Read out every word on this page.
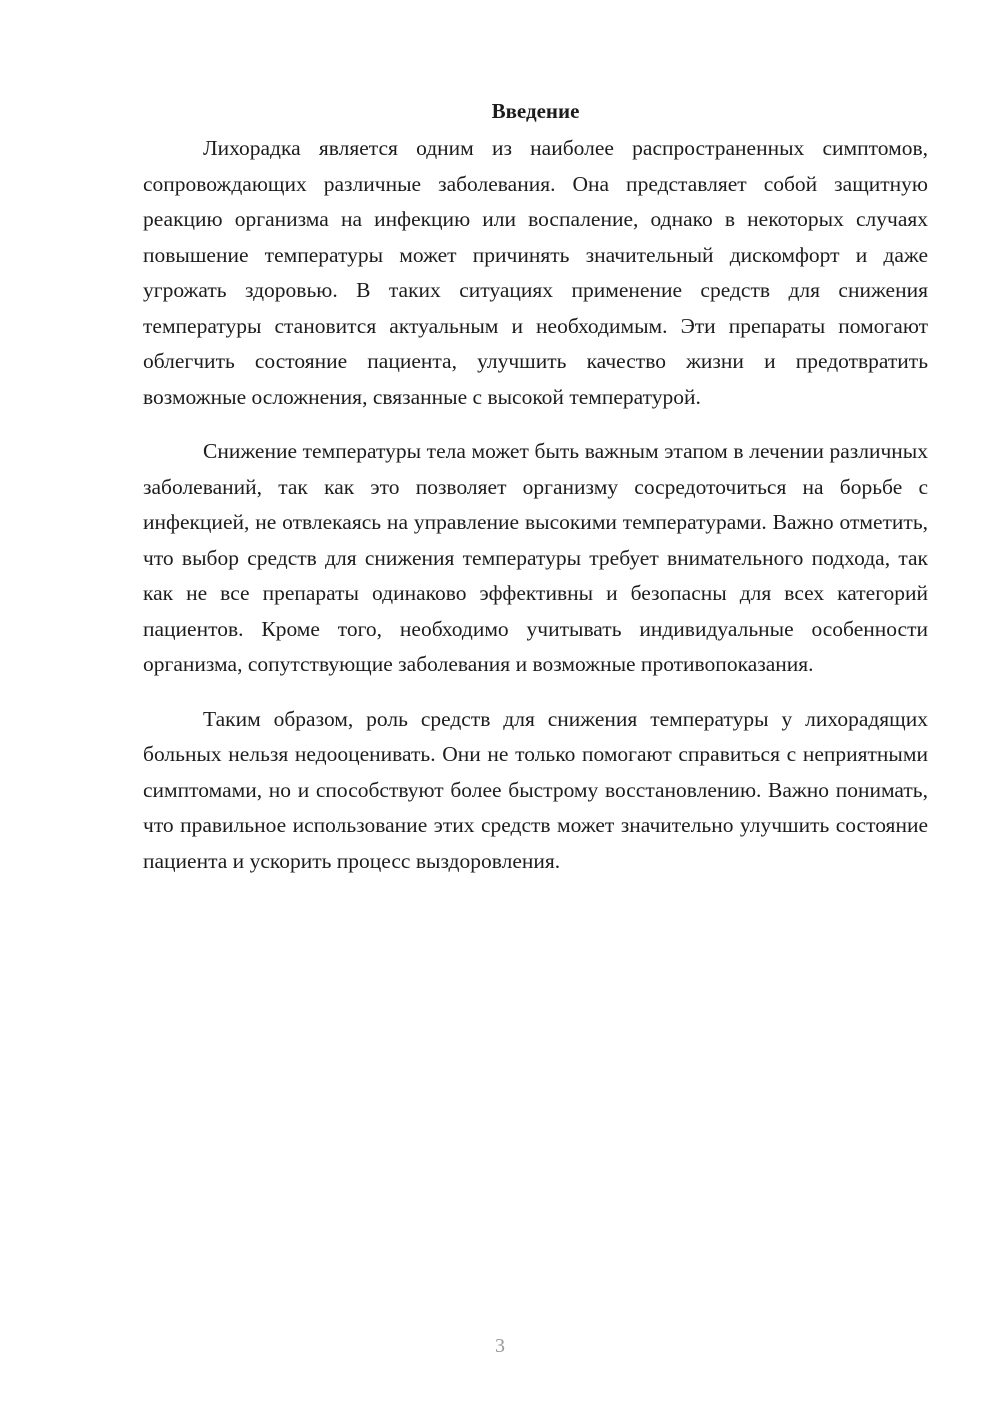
Введение

Лихорадка является одним из наиболее распространенных симптомов, сопровождающих различные заболевания. Она представляет собой защитную реакцию организма на инфекцию или воспаление, однако в некоторых случаях повышение температуры может причинять значительный дискомфорт и даже угрожать здоровью. В таких ситуациях применение средств для снижения температуры становится актуальным и необходимым. Эти препараты помогают облегчить состояние пациента, улучшить качество жизни и предотвратить возможные осложнения, связанные с высокой температурой.

Снижение температуры тела может быть важным этапом в лечении различных заболеваний, так как это позволяет организму сосредоточиться на борьбе с инфекцией, не отвлекаясь на управление высокими температурами. Важно отметить, что выбор средств для снижения температуры требует внимательного подхода, так как не все препараты одинаково эффективны и безопасны для всех категорий пациентов. Кроме того, необходимо учитывать индивидуальные особенности организма, сопутствующие заболевания и возможные противопоказания.

Таким образом, роль средств для снижения температуры у лихорадящих больных нельзя недооценивать. Они не только помогают справиться с неприятными симптомами, но и способствуют более быстрому восстановлению. Важно понимать, что правильное использование этих средств может значительно улучшить состояние пациента и ускорить процесс выздоровления.

3
